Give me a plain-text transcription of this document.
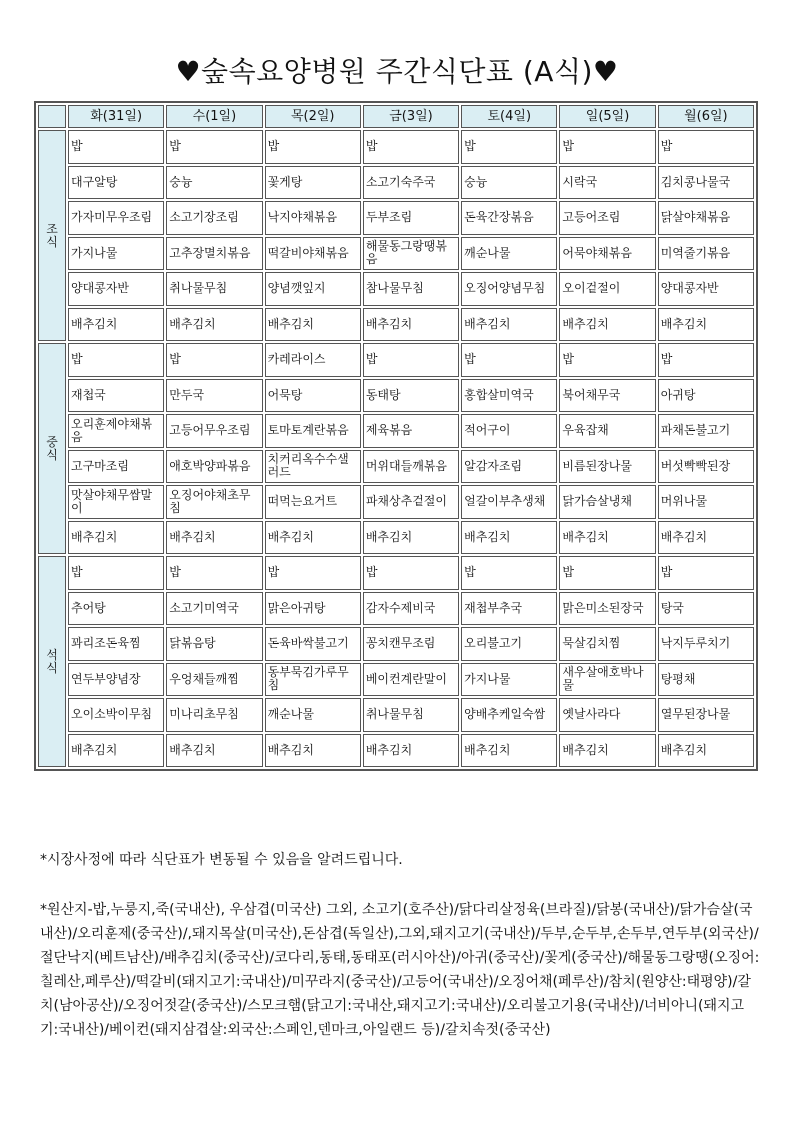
♥숲속요양병원 주간식단표 (A식)♥
	화(31일)	수(1일)	목(2일)	금(3일)	토(4일)	일(5일)	월(6일)

조
식	밥	밥	밥	밥	밥	밥	밥
	대구알탕	숭늉	꽃게탕	소고기숙주국	숭늉	시락국	김치콩나물국
	가자미무우조림	소고기장조림	낙지야채볶음	두부조림	돈육간장볶음	고등어조림	닭살야채볶음
	가지나물	고추장멸치볶음	떡갈비야채볶음	해물동그랑땡볶음	깨순나물	어묵야채볶음	미역줄기볶음
	양대콩자반	취나물무침	양념깻잎지	참나물무침	오징어양념무침	오이겉절이	양대콩자반
	배추김치	배추김치	배추김치	배추김치	배추김치	배추김치	배추김치

중
식	밥	밥	카레라이스	밥	밥	밥	밥
	재첩국	만두국	어묵탕	동태탕	홍합살미역국	북어채무국	아귀탕
	오리훈제야채볶음	고등어무우조림	토마토계란볶음	제육볶음	적어구이	우육잡채	파채돈불고기
	고구마조림	애호박양파볶음	치커리옥수수샐러드	머위대들깨볶음	알감자조림	비름된장나물	버섯빡빡된장
	맛살야채무쌈말이	오징어야채초무침	떠먹는요거트	파채상추겉절이	얼갈이부추생채	닭가슴살냉채	머위나물
	배추김치	배추김치	배추김치	배추김치	배추김치	배추김치	배추김치

석
식	밥	밥	밥	밥	밥	밥	밥
	추어탕	소고기미역국	맑은아귀탕	감자수제비국	재첩부추국	맑은미소된장국	탕국
	꽈리조돈육찜	닭볶음탕	돈육바싹불고기	꽁치캔무조림	오리불고기	묵살김치찜	낙지두루치기
	연두부양념장	우엉채들깨찜	동부묵김가루무침	베이컨계란말이	가지나물	새우살애호박나물	탕평채
	오이소박이무침	미나리초무침	깨순나물	취나물무침	양배추케일숙쌈	옛날사라다	열무된장나물
	배추김치	배추김치	배추김치	배추김치	배추김치	배추김치	배추김치

*시장사정에 따라 식단표가 변동될 수 있음을 알려드립니다.

*원산지-밥,누룽지,죽(국내산), 우삼겹(미국산) 그외, 소고기(호주산)/닭다리살정육(브라질)/닭봉(국내산)/닭가슴살(국내산)/오리훈제(중국산)/,돼지목살(미국산),돈삼겹(독일산),그외,돼지고기(국내산)/두부,순두부,손두부,연두부(외국산)/절단낙지(베트남산)/배추김치(중국산)/코다리,동태,동태포(러시아산)/아귀(중국산)/꽃게(중국산)/해물동그랑땡(오징어:칠레산,페루산)/떡갈비(돼지고기:국내산)/미꾸라지(중국산)/고등어(국내산)/오징어채(페루산)/참치(원양산:태평양)/갈치(남아공산)/오징어젓갈(중국산)/스모크햄(닭고기:국내산,돼지고기:국내산)/오리불고기용(국내산)/너비아니(돼지고기:국내산)/베이컨(돼지삼겹살:외국산:스페인,덴마크,아일랜드 등)/갈치속젓(중국산)
